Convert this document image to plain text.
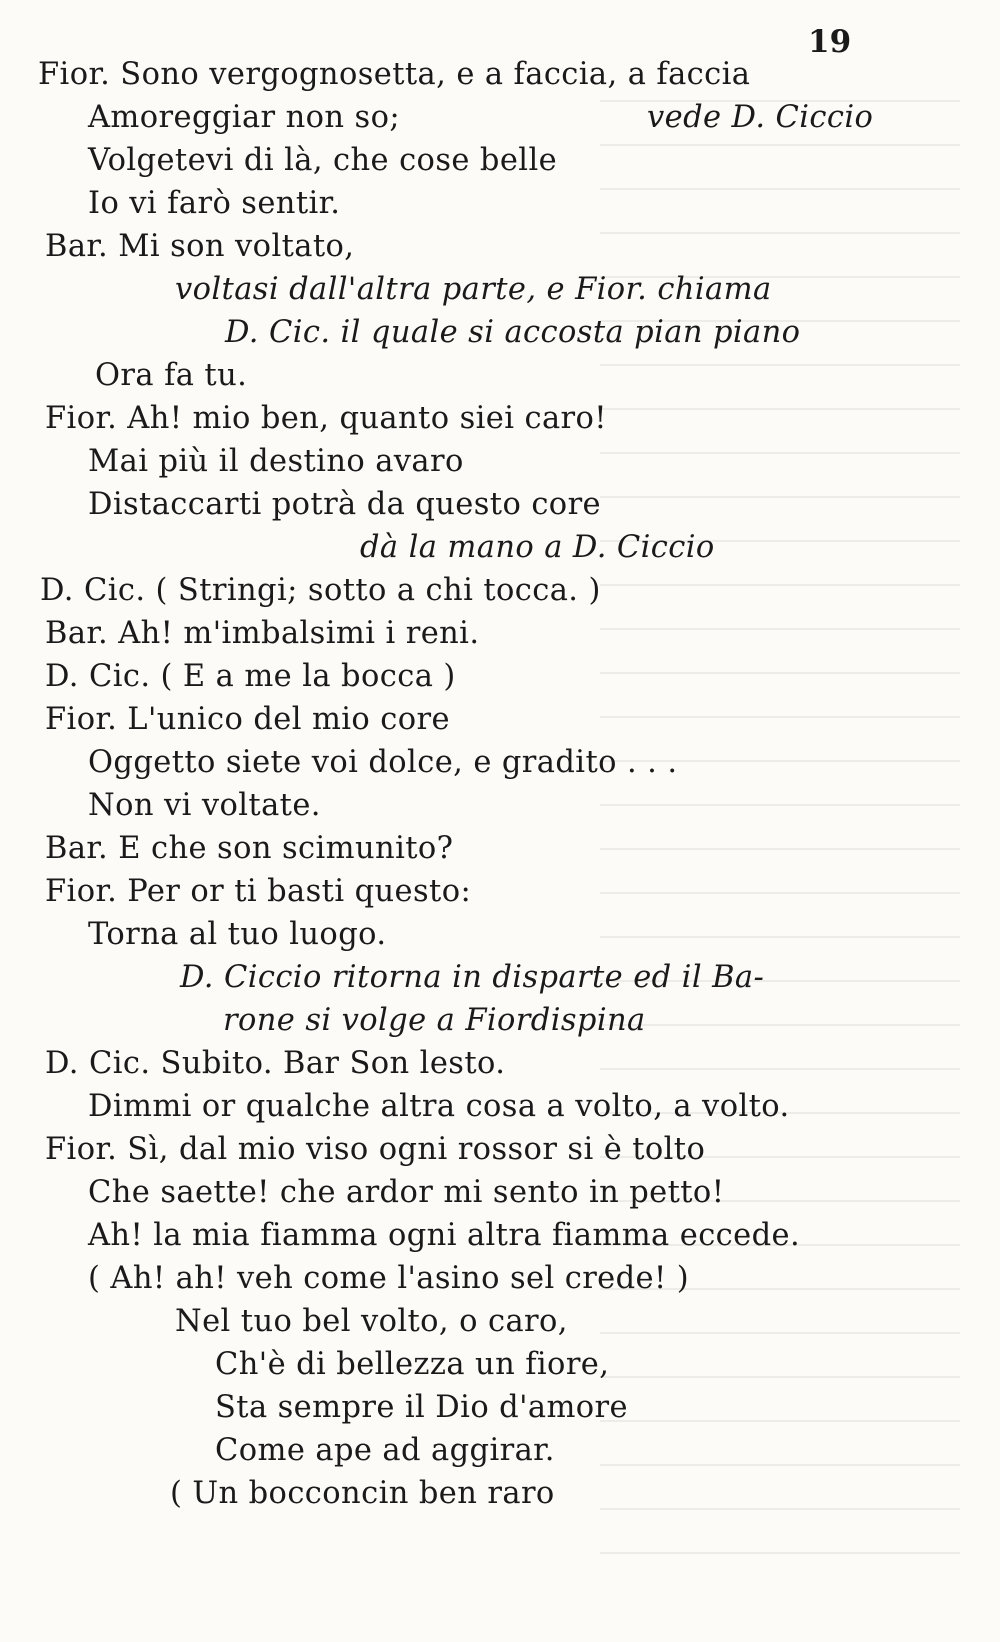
19
Fior. Sono vergognosetta, e a faccia, a faccia
Amoreggiar non so;	vede D. Ciccio
Volgetevi di là, che cose belle
Io vi farò sentir.
Bar. Mi son voltato,
voltasi dall'altra parte, e Fior. chiama
D. Cic. il quale si accosta pian piano
Ora fa tu.
Fior. Ah! mio ben, quanto siei caro!
Mai più il destino avaro
Distaccarti potrà da questo core
dà la mano a D. Ciccio
D. Cic. ( Stringi; sotto a chi tocca. )
Bar. Ah! m'imbalsimi i reni.
D. Cic. ( E a me la bocca )
Fior. L'unico del mio core
Oggetto siete voi dolce, e gradito . . .
Non vi voltate.
Bar. E che son scimunito?
Fior. Per or ti basti questo:
Torna al tuo luogo.
D. Ciccio ritorna in disparte ed il Ba-
rone si volge a Fiordispina
D. Cic. Subito. Bar Son lesto.
Dimmi or qualche altra cosa a volto, a volto.
Fior. Sì, dal mio viso ogni rossor si è tolto
Che saette! che ardor mi sento in petto!
Ah! la mia fiamma ogni altra fiamma eccede.
( Ah! ah! veh come l'asino sel crede! )
Nel tuo bel volto, o caro,
Ch'è di bellezza un fiore,
Sta sempre il Dio d'amore
Come ape ad aggirar.
( Un bocconcin ben raro
